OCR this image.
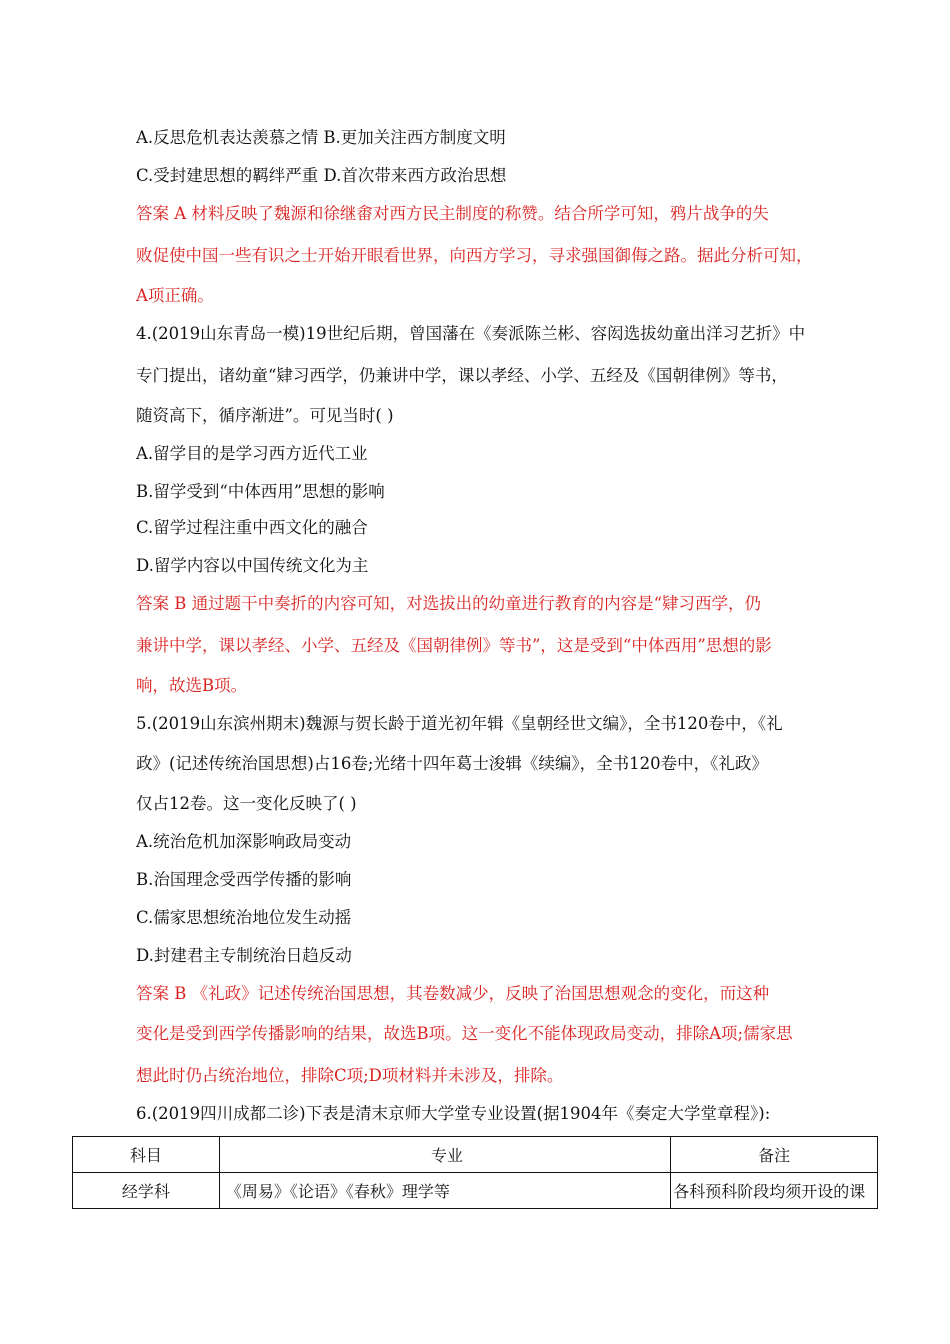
A.反思危机表达羡慕之情 B.更加关注西方制度文明
C.受封建思想的羁绊严重 D.首次带来西方政治思想
答案 A 材料反映了魏源和徐继畬对西方民主制度的称赞。结合所学可知，鸦片战争的失
败促使中国一些有识之士开始开眼看世界，向西方学习，寻求强国御侮之路。据此分析可知，
A项正确。
4.(2019山东青岛一模)19世纪后期，曾国藩在《奏派陈兰彬、容闳选拔幼童出洋习艺折》中
专门提出，诸幼童“肄习西学，仍兼讲中学，课以孝经、小学、五经及《国朝律例》等书，
随资高下，循序渐进”。可见当时( )
A.留学目的是学习西方近代工业
B.留学受到“中体西用”思想的影响
C.留学过程注重中西文化的融合
D.留学内容以中国传统文化为主
答案 B 通过题干中奏折的内容可知，对选拔出的幼童进行教育的内容是“肄习西学，仍
兼讲中学，课以孝经、小学、五经及《国朝律例》等书”，这是受到“中体西用”思想的影
响，故选B项。
5.(2019山东滨州期末)魏源与贺长龄于道光初年辑《皇朝经世文编》，全书120卷中，《礼
政》(记述传统治国思想)占16卷;光绪十四年葛士浚辑《续编》，全书120卷中，《礼政》
仅占12卷。这一变化反映了( )
A.统治危机加深影响政局变动
B.治国理念受西学传播的影响
C.儒家思想统治地位发生动摇
D.封建君主专制统治日趋反动
答案 B 《礼政》记述传统治国思想，其卷数减少，反映了治国思想观念的变化，而这种
变化是受到西学传播影响的结果，故选B项。这一变化不能体现政局变动，排除A项;儒家思
想此时仍占统治地位，排除C项;D项材料并未涉及，排除。
6.(2019四川成都二诊)下表是清末京师大学堂专业设置(据1904年《奏定大学堂章程》):
科目	专业	备注
经学科	《周易》《论语》《春秋》理学等	各科预科阶段均须开设的课
